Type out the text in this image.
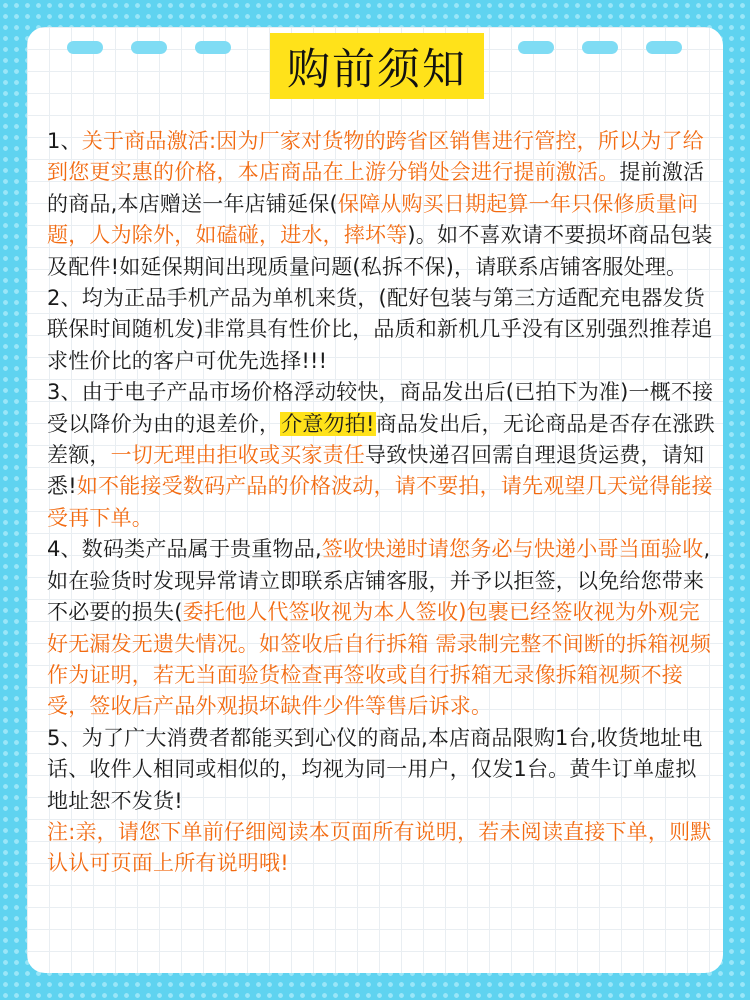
购前须知

1、关于商品激活:因为厂家对货物的跨省区销售进行管控，所以为了给到您更实惠的价格，本店商品在上游分销处会进行提前激活。提前激活的商品,本店赠送一年店铺延保(保障从购买日期起算一年只保修质量问题，人为除外，如磕碰，进水，摔坏等)。如不喜欢请不要损坏商品包装及配件!如延保期间出现质量问题(私拆不保)，请联系店铺客服处理。

2、均为正品手机产品为单机来货，(配好包装与第三方适配充电器发货联保时间随机发)非常具有性价比，品质和新机几乎没有区别强烈推荐追求性价比的客户可优先选择!!!

3、由于电子产品市场价格浮动较快，商品发出后(已拍下为准)一概不接受以降价为由的退差价，介意勿拍!商品发出后，无论商品是否存在涨跌差额，一切无理由拒收或买家责任导致快递召回需自理退货运费，请知悉!如不能接受数码产品的价格波动，请不要拍，请先观望几天觉得能接受再下单。

4、数码类产品属于贵重物品,签收快递时请您务必与快递小哥当面验收,如在验货时发现异常请立即联系店铺客服，并予以拒签，以免给您带来不必要的损失(委托他人代签收视为本人签收)包裹已经签收视为外观完好无漏发无遗失情况。如签收后自行拆箱 需录制完整不间断的拆箱视频作为证明，若无当面验货检查再签收或自行拆箱无录像拆箱视频不接受，签收后产品外观损坏缺件少件等售后诉求。

5、为了广大消费者都能买到心仪的商品,本店商品限购1台,收货地址电话、收件人相同或相似的，均视为同一用户，仅发1台。黄牛订单虚拟地址恕不发货!

注:亲，请您下单前仔细阅读本页面所有说明，若未阅读直接下单，则默认认可页面上所有说明哦!
